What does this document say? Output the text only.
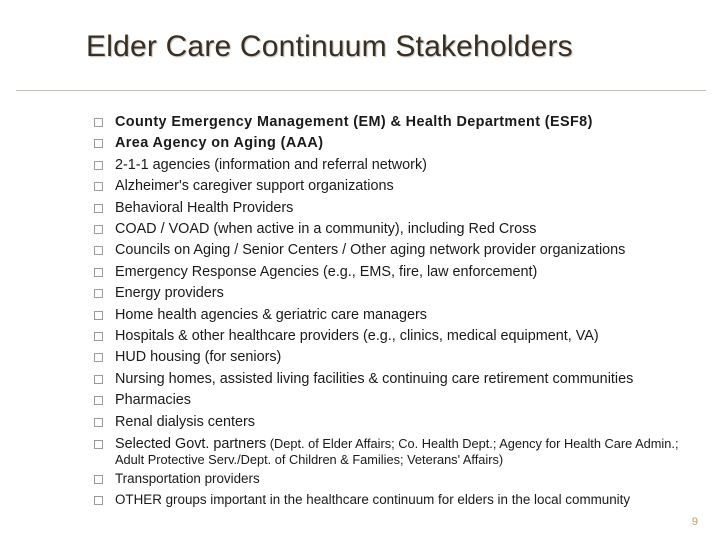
Elder Care Continuum Stakeholders
County Emergency Management (EM) & Health Department (ESF8)
Area Agency on Aging (AAA)
2-1-1 agencies (information and referral network)
Alzheimer's caregiver support organizations
Behavioral Health Providers
COAD / VOAD (when active in a community), including Red Cross
Councils on Aging / Senior Centers / Other aging network provider organizations
Emergency Response Agencies (e.g., EMS, fire, law enforcement)
Energy providers
Home health agencies & geriatric care managers
Hospitals & other healthcare providers (e.g., clinics, medical equipment, VA)
HUD housing (for seniors)
Nursing homes, assisted living facilities & continuing care retirement communities
Pharmacies
Renal dialysis centers
Selected Govt. partners (Dept. of Elder Affairs; Co. Health Dept.; Agency for Health Care Admin.; Adult Protective Serv./Dept. of Children & Families; Veterans' Affairs)
Transportation providers
OTHER groups important in the healthcare continuum for elders in the local community
9
